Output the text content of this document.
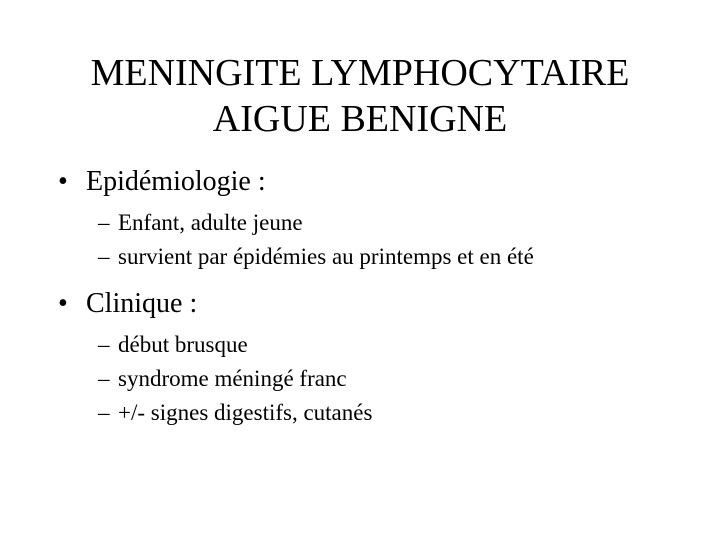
MENINGITE LYMPHOCYTAIRE
AIGUE BENIGNE
• Epidémiologie :
– Enfant, adulte jeune
– survient par épidémies au printemps et en été
• Clinique :
– début brusque
– syndrome méningé franc
– +/- signes digestifs, cutanés
